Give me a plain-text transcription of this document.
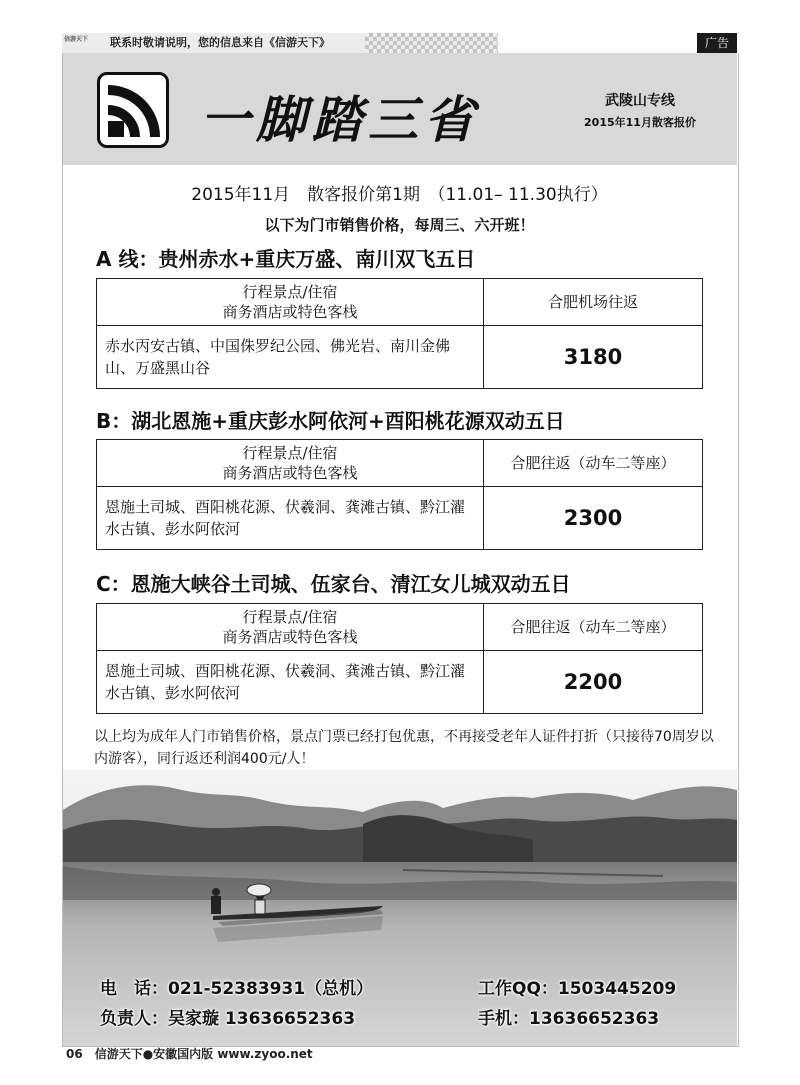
信游天下	联系时敬请说明，您的信息来自《信游天下》	广告
一脚踏三省	武陵山专线
2015年11月散客报价
2015年11月　散客报价第1期　（11.01– 11.30执行）
以下为门市销售价格，每周三、六开班！
A 线：贵州赤水+重庆万盛、南川双飞五日
行程景点/住宿
商务酒店或特色客栈	合肥机场往返
赤水丙安古镇、中国侏罗纪公园、佛光岩、南川金佛山、万盛黑山谷	3180
B：湖北恩施+重庆彭水阿依河+酉阳桃花源双动五日
行程景点/住宿
商务酒店或特色客栈	合肥往返（动车二等座）
恩施土司城、酉阳桃花源、伏羲洞、龚滩古镇、黔江濯水古镇、彭水阿依河	2300
C：恩施大峡谷土司城、伍家台、清江女儿城双动五日
行程景点/住宿
商务酒店或特色客栈	合肥往返（动车二等座）
恩施土司城、酉阳桃花源、伏羲洞、龚滩古镇、黔江濯水古镇、彭水阿依河	2200
以上均为成年人门市销售价格，景点门票已经打包优惠，不再接受老年人证件打折（只接待70周岁以内游客），同行返还利润400元/人！
电　话：021-52383931（总机）	工作QQ：1503445209
负责人：吴家璇 13636652363	手机：13636652363
06　信游天下●安徽国内版 www.zyoo.net
